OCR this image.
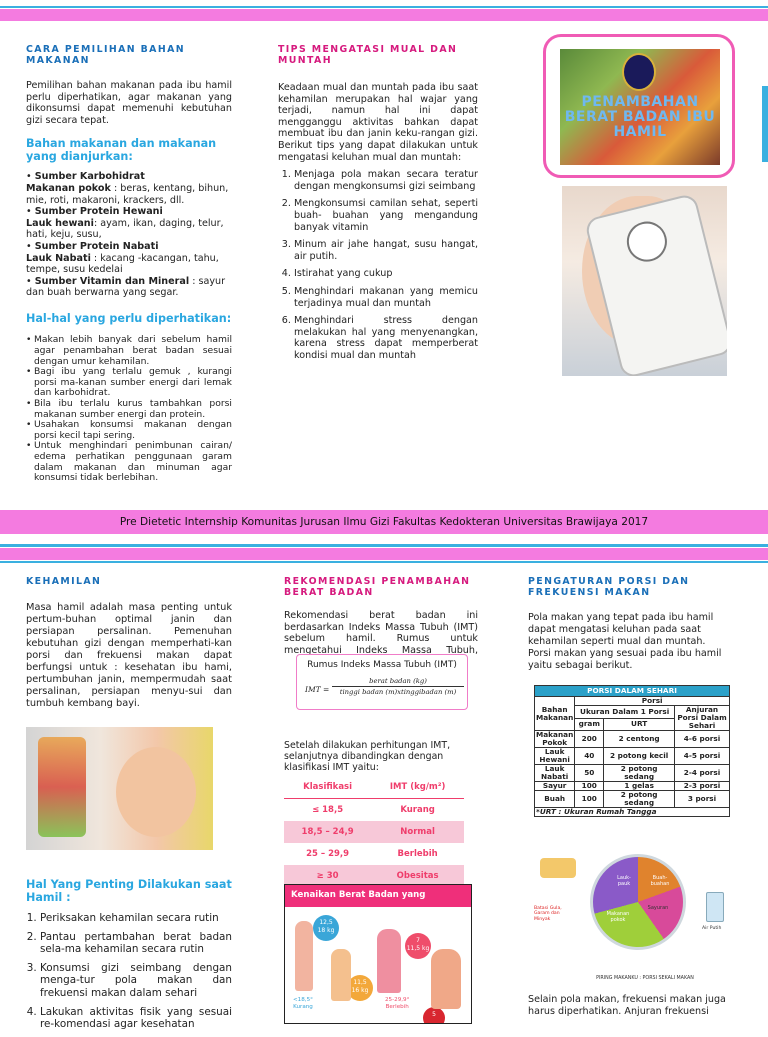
CARA PEMILIHAN BAHAN MAKANAN

Pemilihan bahan makanan pada ibu hamil perlu diperhatikan, agar makanan yang dikonsumsi dapat memenuhi kebutuhan gizi secara tepat.

Bahan makanan dan makanan yang dianjurkan:
• Sumber Karbohidrat
Makanan pokok : beras, kentang, bihun, mie, roti, makaroni, krackers, dll.
• Sumber Protein Hewani
Lauk hewani: ayam, ikan, daging, telur, hati, keju, susu,
• Sumber Protein Nabati
Lauk Nabati : kacang -kacangan, tahu, tempe, susu kedelai
• Sumber Vitamin dan Mineral : sayur dan buah berwarna yang segar.
Hal-hal yang perlu diperhatikan:
• Makan lebih banyak dari sebelum hamil agar penambahan berat badan sesuai dengan umur kehamilan.
• Bagi ibu yang terlalu gemuk , kurangi porsi ma-kanan sumber energi dari lemak dan karbohidrat.
• Bila ibu terlalu kurus tambahkan porsi makanan sumber energi dan protein.
• Usahakan konsumsi makanan dengan porsi kecil tapi sering.
• Untuk menghindari penimbunan cairan/ edema perhatikan penggunaan garam dalam makanan dan minuman agar konsumsi tidak berlebihan.
TIPS MENGATASI MUAL DAN MUNTAH

Keadaan mual dan muntah pada ibu saat kehamilan merupakan hal wajar yang terjadi, namun hal ini dapat mengganggu aktivitas bahkan dapat membuat ibu dan janin keku-rangan gizi. Berikut tips yang dapat dilakukan untuk mengatasi keluhan mual dan muntah:

1. Menjaga pola makan secara teratur dengan mengkonsumsi gizi seimbang
2. Mengkonsumsi camilan sehat, seperti buah- buahan yang mengandung banyak vitamin
3. Minum air jahe hangat, susu hangat, air putih.
4. Istirahat yang cukup
5. Menghindari makanan yang memicu terjadinya mual dan muntah
6. Menghindari stress dengan melakukan hal yang menyenangkan, karena stress dapat memperberat kondisi mual dan muntah
PENAMBAHAN BERAT BADAN IBU HAMIL
Pre Dietetic Internship Komunitas Jurusan Ilmu Gizi Fakultas Kedokteran Universitas Brawijaya 2017
KEHAMILAN

Masa hamil adalah masa penting untuk pertum-buhan optimal janin dan persiapan persalinan. Pemenuhan kebutuhan gizi dengan memperhati-kan porsi dan frekuensi makan dapat berfungsi untuk : kesehatan ibu hami, pertumbuhan janin, mempermudah saat persalinan, persiapan menyu-sui dan tumbuh kembang bayi.

Hal Yang Penting Dilakukan saat Hamil :
1. Periksakan kehamilan secara rutin
2. Pantau pertambahan berat badan sela-ma kehamilan secara rutin
3. Konsumsi gizi seimbang dengan menga-tur pola makan dan frekuensi makan dalam sehari
4. Lakukan aktivitas fisik yang sesuai re-komendasi agar kesehatan
REKOMENDASI PENAMBAHAN BERAT BADAN

Rekomendasi berat badan ini berdasarkan Indeks Massa Tubuh (IMT) sebelum hamil. Rumus untuk mengetahui Indeks Massa Tubuh,

Rumus Indeks Massa Tubuh (IMT)
IMT =
berat badan (kg)
tinggi badan (m)xtinggibadan (m)
Setelah dilakukan perhitungan IMT, selanjutnya dibandingkan dengan klasifikasi IMT yaitu:
Klasifikasi	IMT (kg/m²)
≤ 18,5	Kurang
18,5 – 24,9	Normal
25 – 29,9	Berlebih
≥ 30	Obesitas
Kenaikan Berat Badan yang
12,5
18 kg
11,5
16 kg
7
11,5 kg
5
<18,5°
Kurang
25-29,9°
Berlebih
PENGATURAN PORSI DAN FREKUENSI MAKAN

Pola makan yang tepat pada ibu hamil dapat mengatasi keluhan pada saat kehamilan seperti mual dan muntah. Porsi makan yang sesuai pada ibu hamil yaitu sebagai berikut.

PORSI DALAM SEHARI			
Bahan Makanan	Porsi		
	Ukuran Dalam 1 Porsi		Anjuran Porsi Dalam Sehari
	gram	URT	
Makanan Pokok	200	2 centong	4-6 porsi
Lauk Hewani	40	2 potong kecil	4-5 porsi
Lauk Nabati	50	2 potong sedang	2-4 porsi
Sayur	100	1 gelas	2-3 porsi
Buah	100	2 potong sedang	3 porsi
*URT : Ukuran Rumah Tangga			
Batasi Gula, Garam dan Minyak
Lauk-pauk
Buah-buahan
Makanan pokok
Sayuran
Air Putih
PIRING MAKANKU : PORSI SEKALI MAKAN
Selain pola makan, frekuensi makan juga harus diperhatikan. Anjuran frekuensi
